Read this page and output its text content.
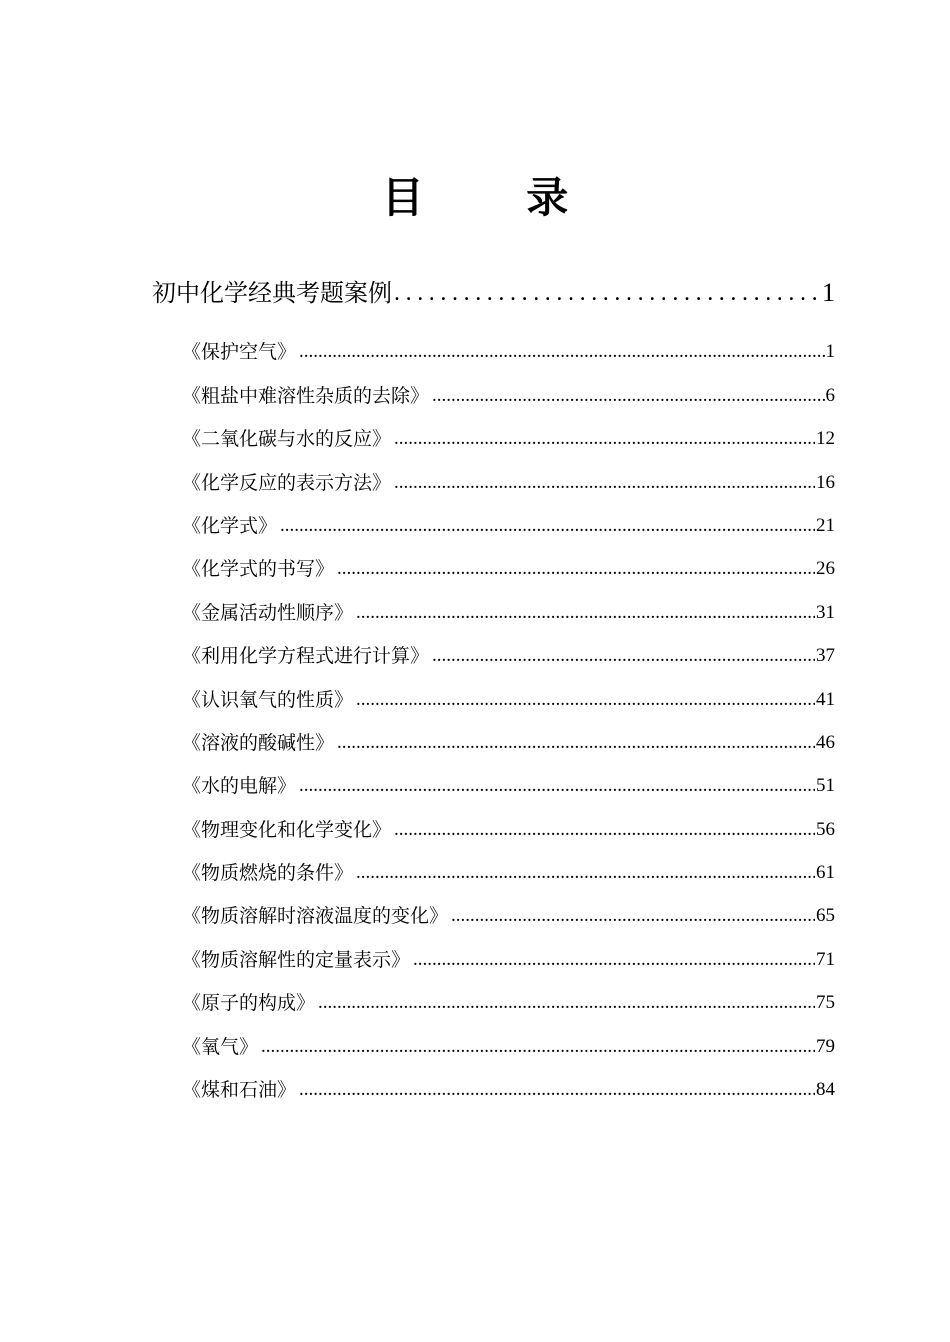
目 录
初中化学经典考题案例 .....	1
《保护空气》 .....	1
《粗盐中难溶性杂质的去除》 .....	6
《二氧化碳与水的反应》 .....	12
《化学反应的表示方法》 .....	16
《化学式》 .....	21
《化学式的书写》 .....	26
《金属活动性顺序》 .....	31
《利用化学方程式进行计算》 .....	37
《认识氧气的性质》 .....	41
《溶液的酸碱性》 .....	46
《水的电解》 .....	51
《物理变化和化学变化》 .....	56
《物质燃烧的条件》 .....	61
《物质溶解时溶液温度的变化》 .....	65
《物质溶解性的定量表示》 .....	71
《原子的构成》 .....	75
《氧气》 .....	79
《煤和石油》 .....	84
